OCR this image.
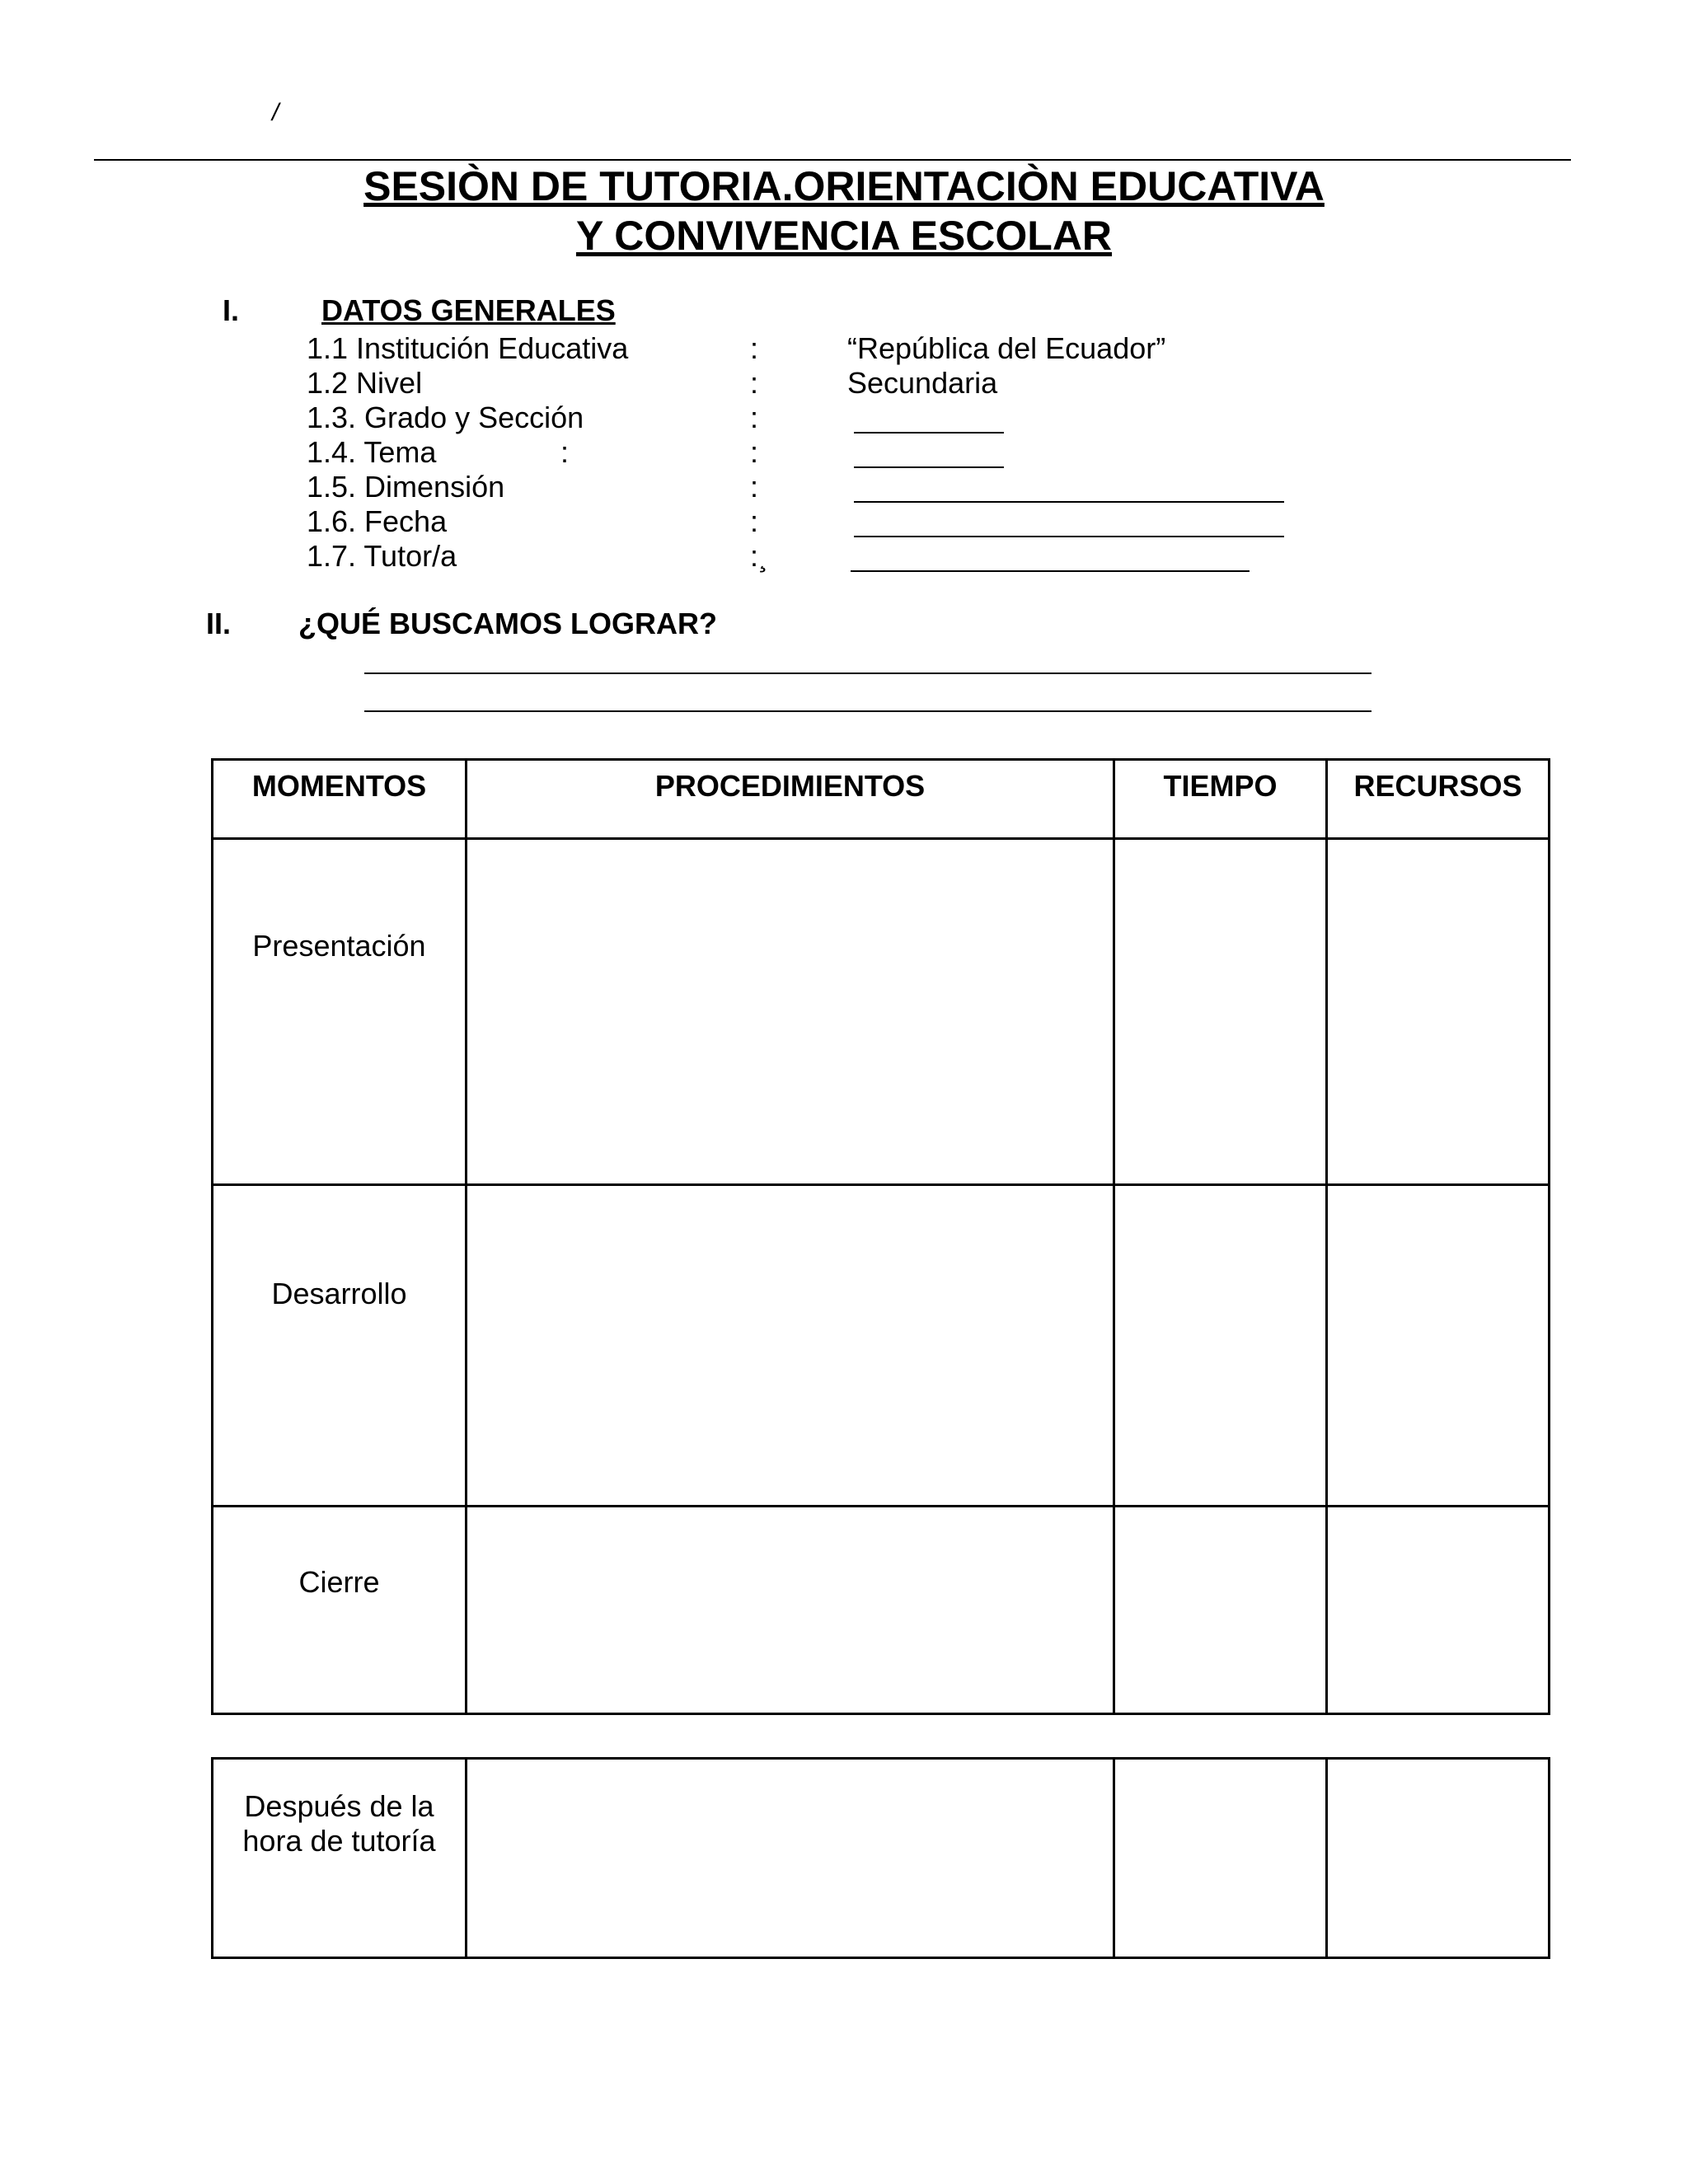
/
SESIÒN DE TUTORIA.ORIENTACIÒN EDUCATIVA
Y CONVIVENCIA ESCOLAR
I.	DATOS GENERALES
1.1 Institución Educativa	:	“República del Ecuador”
1.2 Nivel	:	Secundaria
1.3. Grado y Sección	:
1.4. Tema	:	:
1.5. Dimensión	:
1.6. Fecha	:
1.7. Tutor/a	:¸
II. ¿QUÉ BUSCAMOS LOGRAR?
MOMENTOS	PROCEDIMIENTOS	TIEMPO	RECURSOS

Presentación			

Desarrollo			

Cierre			

Después de la
hora de tutoría
